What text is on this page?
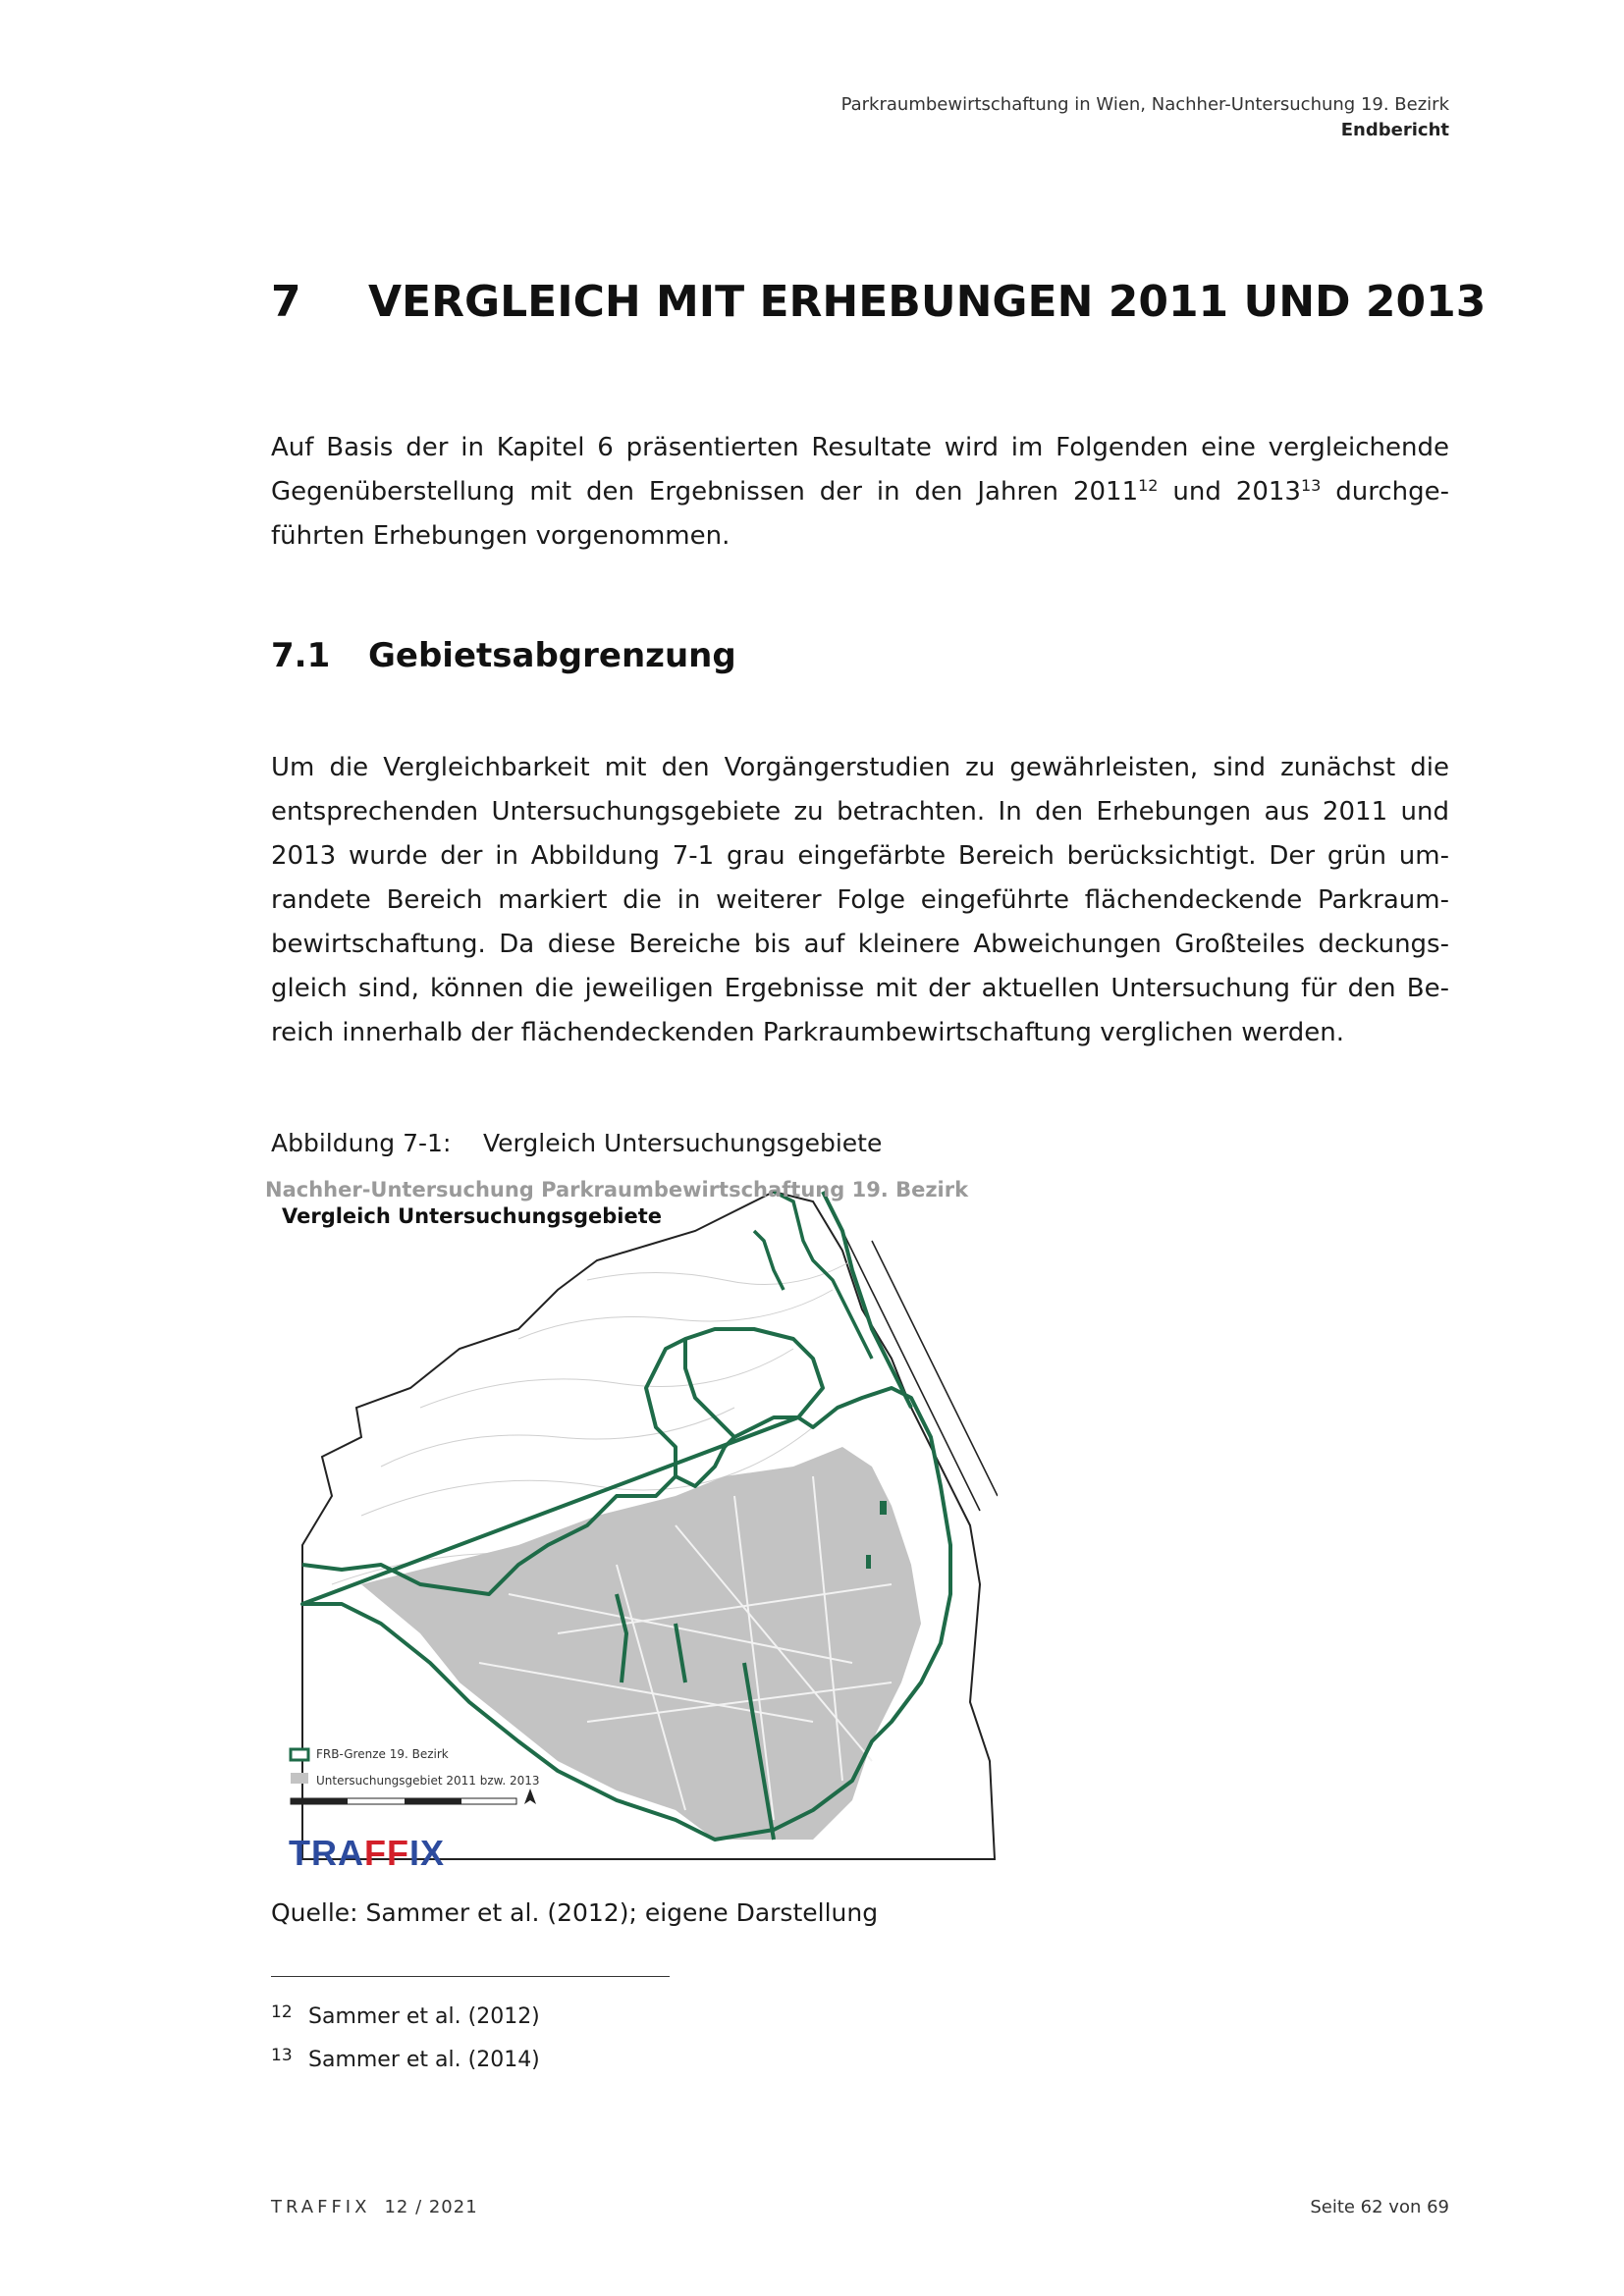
Parkraumbewirtschaftung in Wien, Nachher-Untersuchung 19. Bezirk
Endbericht
7 VERGLEICH MIT ERHEBUNGEN 2011 UND 2013
Auf Basis der in Kapitel 6 präsentierten Resultate wird im Folgenden eine vergleichende Gegenüberstellung mit den Ergebnissen der in den Jahren 2011$^{12}$ und 2013$^{13}$ durchge-führten Erhebungen vorgenommen.
7.1 Gebietsabgrenzung
Um die Vergleichbarkeit mit den Vorgängerstudien zu gewährleisten, sind zunächst die entsprechenden Untersuchungsgebiete zu betrachten. In den Erhebungen aus 2011 und 2013 wurde der in Abbildung 7-1 grau eingefärbte Bereich berücksichtigt. Der grün um-randete Bereich markiert die in weiterer Folge eingeführte flächendeckende Parkraum-bewirtschaftung. Da diese Bereiche bis auf kleinere Abweichungen Großteiles deckungs-gleich sind, können die jeweiligen Ergebnisse mit der aktuellen Untersuchung für den Be-reich innerhalb der flächendeckenden Parkraumbewirtschaftung verglichen werden.
Abbildung 7-1: Vergleich Untersuchungsgebiete
Nachher-Untersuchung Parkraumbewirtschaftung 19. Bezirk
Vergleich Untersuchungsgebiete
FRB-Grenze 19. Bezirk
Untersuchungsgebiet 2011 bzw. 2013
TRAFFIX
Quelle: Sammer et al. (2012); eigene Darstellung
12 Sammer et al. (2012)
13 Sammer et al. (2014)
TRAFFIX 12 / 2021	Seite 62 von 69
